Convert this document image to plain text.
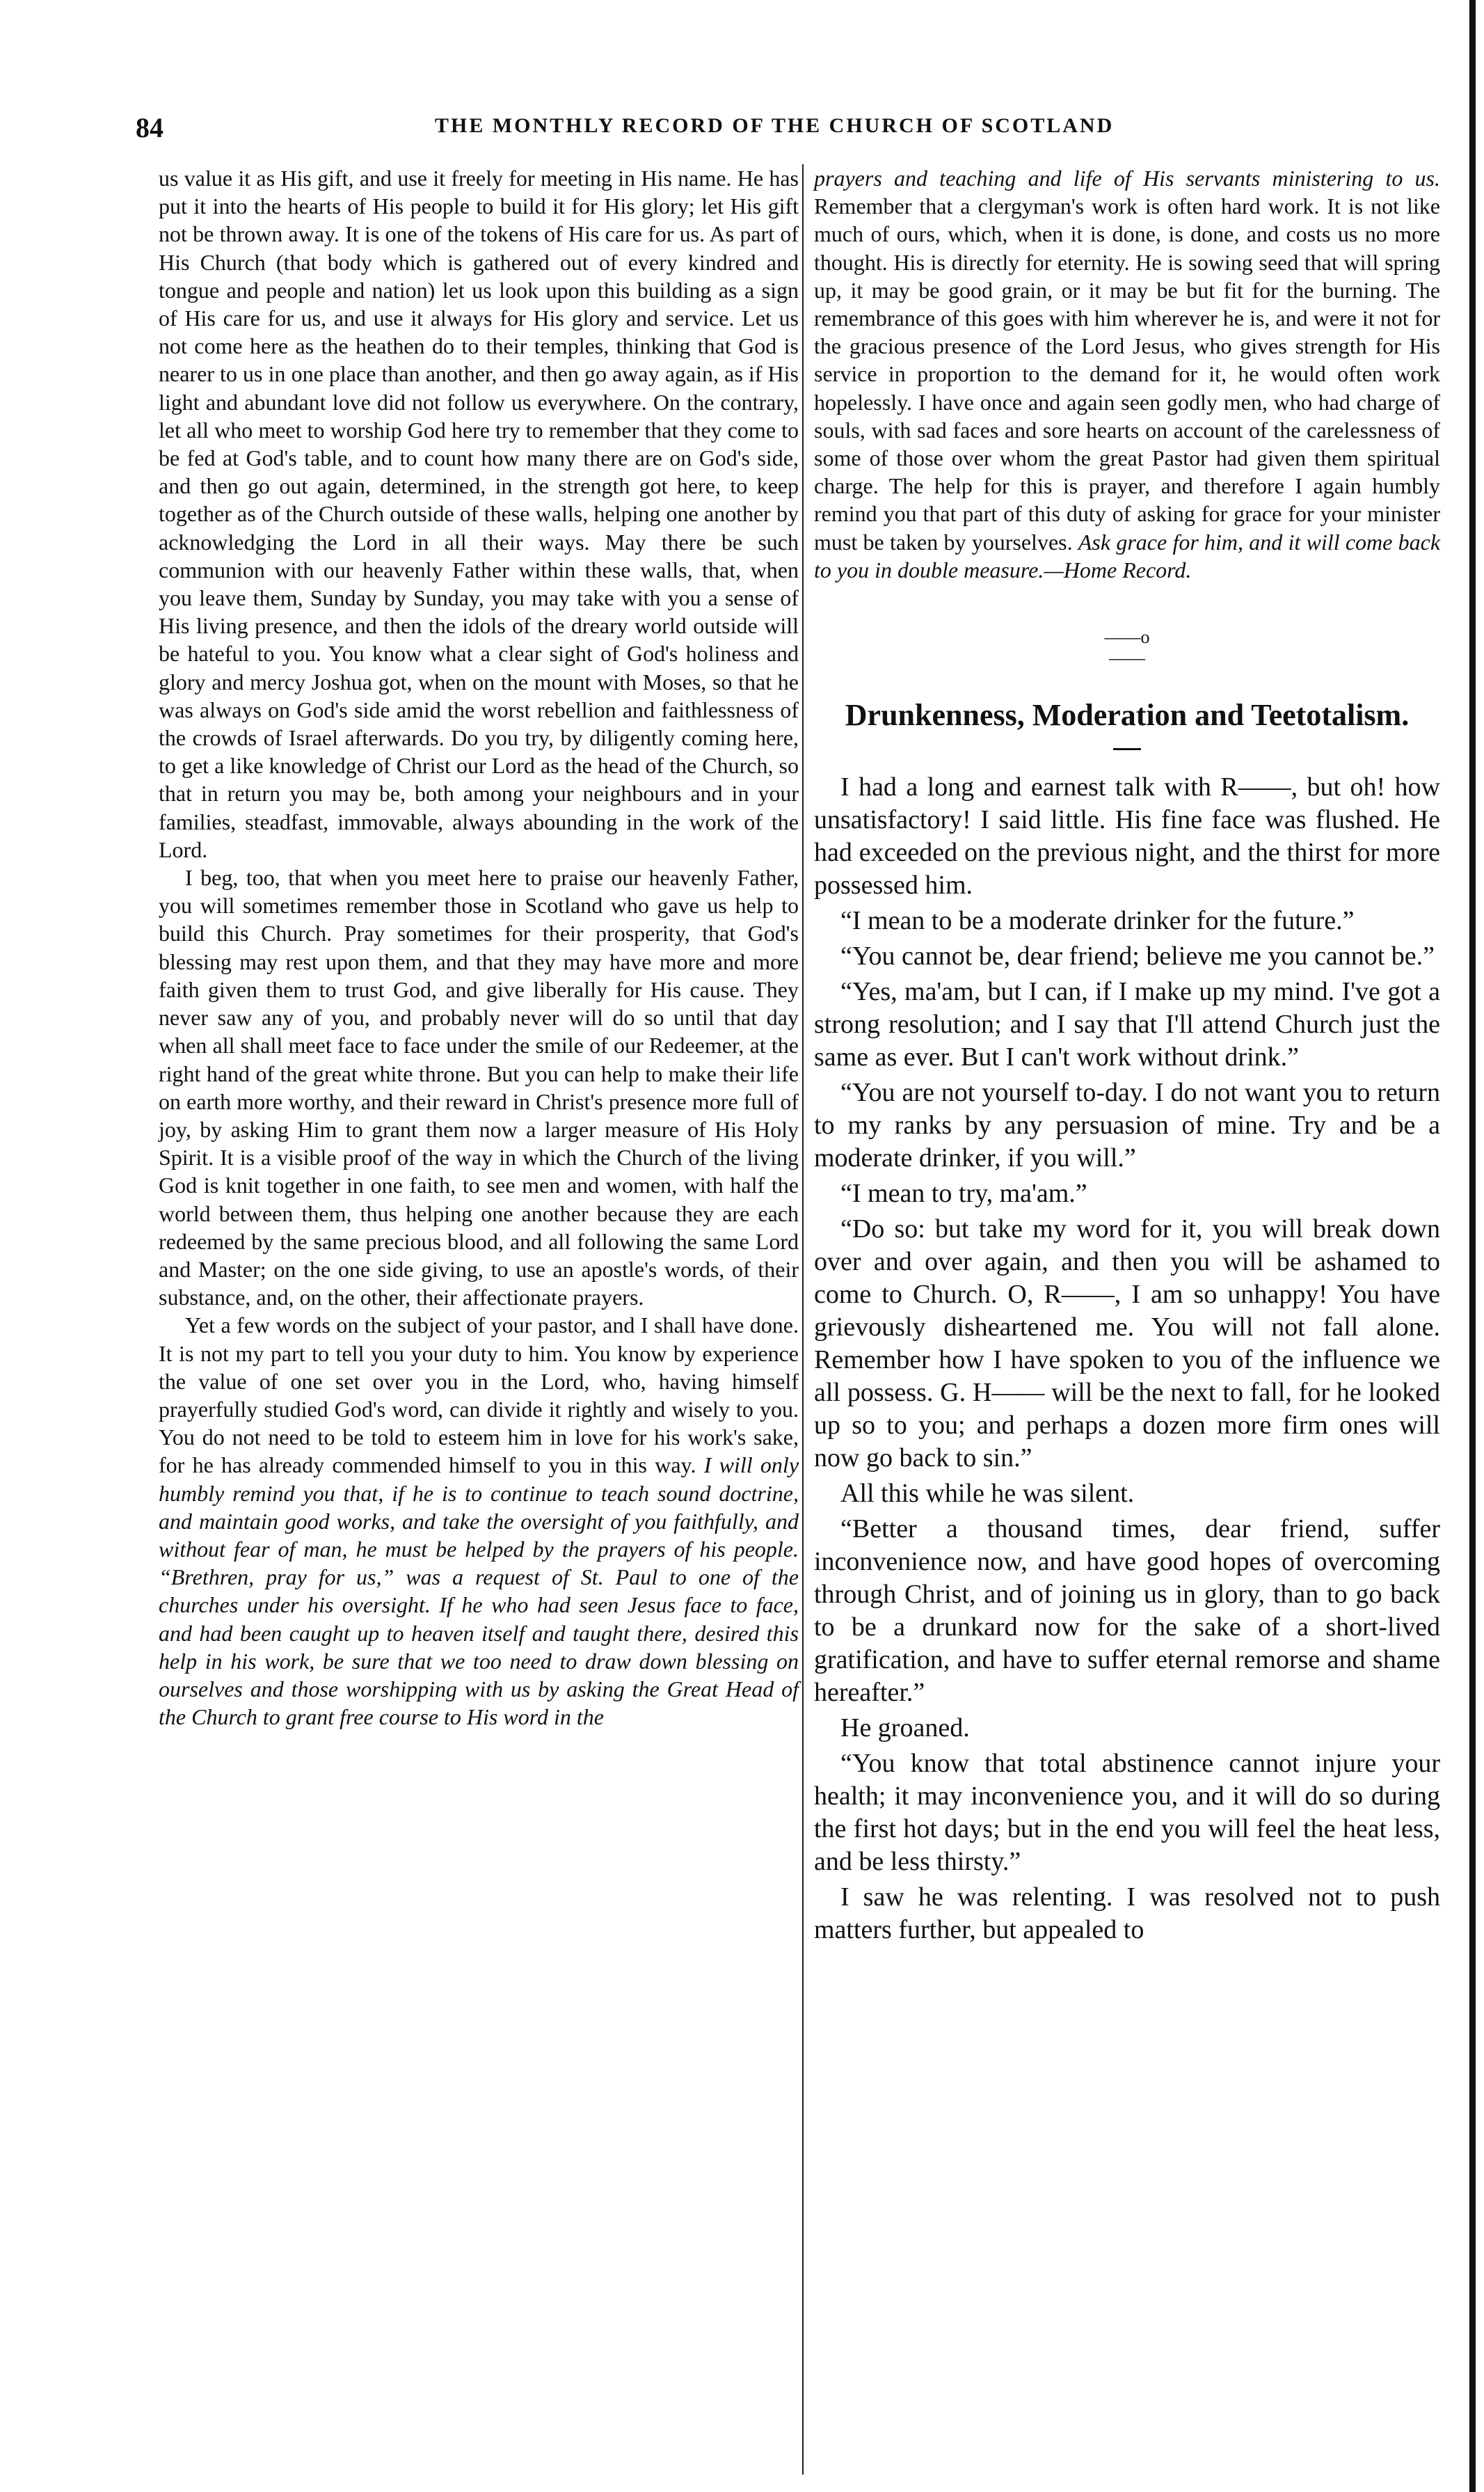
84	THE MONTHLY RECORD OF THE CHURCH OF SCOTLAND

us value it as His gift, and use it freely for meeting in His name. He has put it into the hearts of His people to build it for His glory; let His gift not be thrown away. It is one of the tokens of His care for us. As part of His Church (that body which is gathered out of every kindred and tongue and people and nation) let us look upon this building as a sign of His care for us, and use it always for His glory and service. Let us not come here as the heathen do to their temples, thinking that God is nearer to us in one place than another, and then go away again, as if His light and abundant love did not follow us everywhere. On the contrary, let all who meet to worship God here try to remember that they come to be fed at God's table, and to count how many there are on God's side, and then go out again, determined, in the strength got here, to keep together as of the Church outside of these walls, helping one another by acknowledging the Lord in all their ways. May there be such communion with our heavenly Father within these walls, that, when you leave them, Sunday by Sunday, you may take with you a sense of His living presence, and then the idols of the dreary world outside will be hateful to you. You know what a clear sight of God's holiness and glory and mercy Joshua got, when on the mount with Moses, so that he was always on God's side amid the worst rebellion and faithlessness of the crowds of Israel afterwards. Do you try, by diligently coming here, to get a like knowledge of Christ our Lord as the head of the Church, so that in return you may be, both among your neighbours and in your families, steadfast, immovable, always abounding in the work of the Lord.

I beg, too, that when you meet here to praise our heavenly Father, you will sometimes remember those in Scotland who gave us help to build this Church. Pray sometimes for their prosperity, that God's blessing may rest upon them, and that they may have more and more faith given them to trust God, and give liberally for His cause. They never saw any of you, and probably never will do so until that day when all shall meet face to face under the smile of our Redeemer, at the right hand of the great white throne. But you can help to make their life on earth more worthy, and their reward in Christ's presence more full of joy, by asking Him to grant them now a larger measure of His Holy Spirit. It is a visible proof of the way in which the Church of the living God is knit together in one faith, to see men and women, with half the world between them, thus helping one another because they are each redeemed by the same precious blood, and all following the same Lord and Master; on the one side giving, to use an apostle's words, of their substance, and, on the other, their affectionate prayers.

Yet a few words on the subject of your pastor, and I shall have done. It is not my part to tell you your duty to him. You know by experience the value of one set over you in the Lord, who, having himself prayerfully studied God's word, can divide it rightly and wisely to you. You do not need to be told to esteem him in love for his work's sake, for he has already commended himself to you in this way. I will only humbly remind you that, if he is to continue to teach sound doctrine, and maintain good works, and take the oversight of you faithfully, and without fear of man, he must be helped by the prayers of his people. “Brethren, pray for us,” was a request of St. Paul to one of the churches under his oversight. If he who had seen Jesus face to face, and had been caught up to heaven itself and taught there, desired this help in his work, be sure that we too need to draw down blessing on ourselves and those worshipping with us by asking the Great Head of the Church to grant free course to His word in the

prayers and teaching and life of His servants ministering to us. Remember that a clergyman's work is often hard work. It is not like much of ours, which, when it is done, is done, and costs us no more thought. His is directly for eternity. He is sowing seed that will spring up, it may be good grain, or it may be but fit for the burning. The remembrance of this goes with him wherever he is, and were it not for the gracious presence of the Lord Jesus, who gives strength for His service in proportion to the demand for it, he would often work hopelessly. I have once and again seen godly men, who had charge of souls, with sad faces and sore hearts on account of the carelessness of some of those over whom the great Pastor had given them spiritual charge. The help for this is prayer, and therefore I again humbly remind you that part of this duty of asking for grace for your minister must be taken by yourselves. Ask grace for him, and it will come back to you in double measure.—Home Record.

——o——
Drunkenness, Moderation and Teetotalism.

I had a long and earnest talk with R——, but oh! how unsatisfactory! I said little. His fine face was flushed. He had exceeded on the previous night, and the thirst for more possessed him.

“I mean to be a moderate drinker for the future.”

“You cannot be, dear friend; believe me you cannot be.”

“Yes, ma'am, but I can, if I make up my mind. I've got a strong resolution; and I say that I'll attend Church just the same as ever. But I can't work without drink.”

“You are not yourself to-day. I do not want you to return to my ranks by any persuasion of mine. Try and be a moderate drinker, if you will.”

“I mean to try, ma'am.”

“Do so: but take my word for it, you will break down over and over again, and then you will be ashamed to come to Church. O, R——, I am so unhappy! You have grievously disheartened me. You will not fall alone. Remember how I have spoken to you of the influence we all possess. G. H—— will be the next to fall, for he looked up so to you; and perhaps a dozen more firm ones will now go back to sin.”

All this while he was silent.

“Better a thousand times, dear friend, suffer inconvenience now, and have good hopes of overcoming through Christ, and of joining us in glory, than to go back to be a drunkard now for the sake of a short-lived gratification, and have to suffer eternal remorse and shame hereafter.”

He groaned.

“You know that total abstinence cannot injure your health; it may inconvenience you, and it will do so during the first hot days; but in the end you will feel the heat less, and be less thirsty.”

I saw he was relenting. I was resolved not to push matters further, but appealed to
